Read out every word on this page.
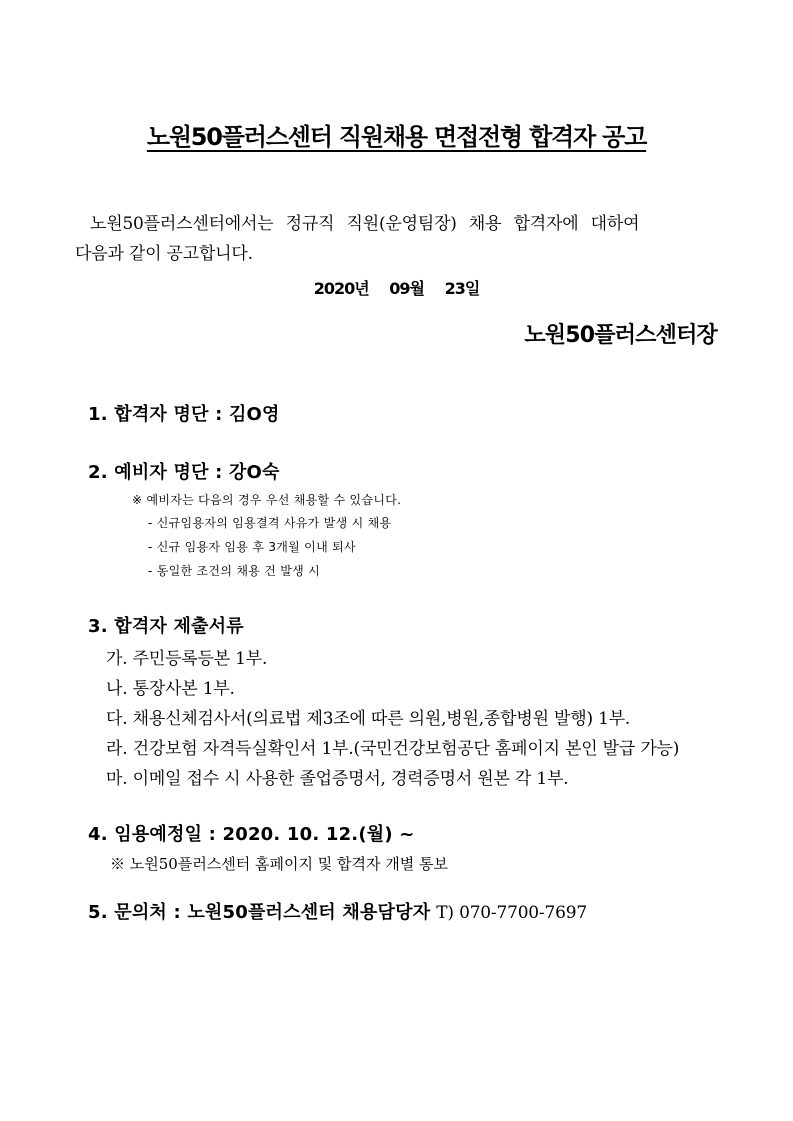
노원50플러스센터 직원채용 면접전형 합격자 공고
노원50플러스센터에서는 정규직 직원(운영팀장) 채용 합격자에 대하여
다음과 같이 공고합니다.
2020년 09월 23일
노원50플러스센터장
1. 합격자 명단 : 김O영
2. 예비자 명단 : 강O숙
※ 예비자는 다음의 경우 우선 채용할 수 있습니다.
- 신규임용자의 임용결격 사유가 발생 시 채용
- 신규 임용자 임용 후 3개월 이내 퇴사
- 동일한 조건의 채용 건 발생 시
3. 합격자 제출서류
가. 주민등록등본 1부.
나. 통장사본 1부.
다. 채용신체검사서(의료법 제3조에 따른 의원,병원,종합병원 발행) 1부.
라. 건강보험 자격득실확인서 1부.(국민건강보험공단 홈페이지 본인 발급 가능)
마. 이메일 접수 시 사용한 졸업증명서, 경력증명서 원본 각 1부.
4. 임용예정일 : 2020. 10. 12.(월) ~
※ 노원50플러스센터 홈페이지 및 합격자 개별 통보
5. 문의처 : 노원50플러스센터 채용담당자 T) 070-7700-7697
